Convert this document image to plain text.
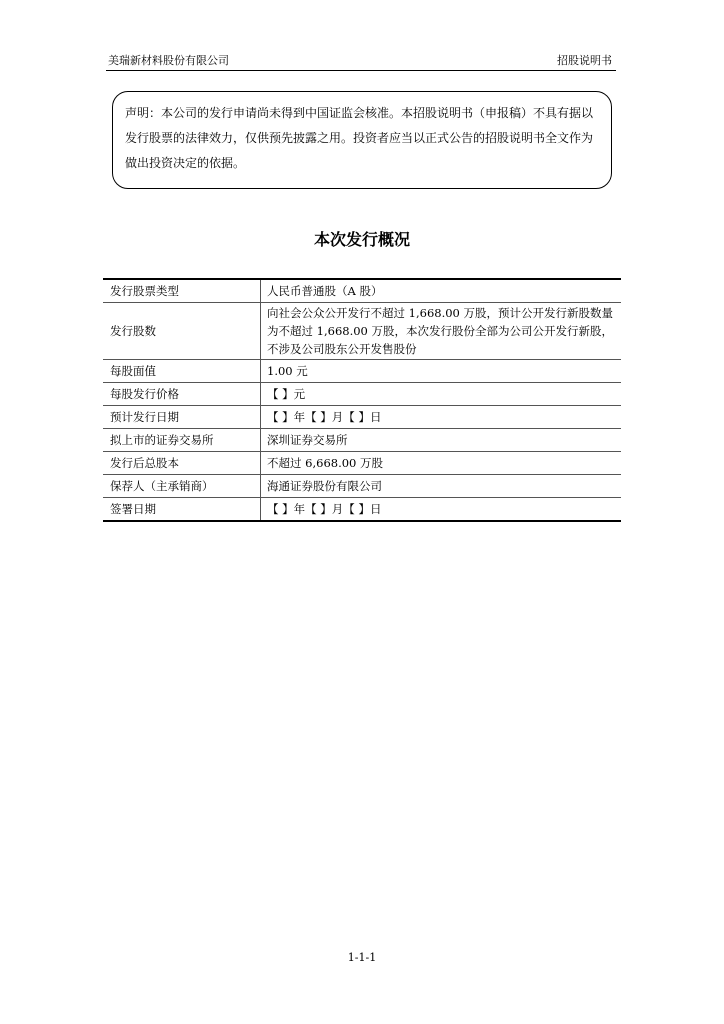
美瑞新材料股份有限公司	招股说明书
声明：本公司的发行申请尚未得到中国证监会核准。本招股说明书（申报稿）不具有据以发行股票的法律效力，仅供预先披露之用。投资者应当以正式公告的招股说明书全文作为做出投资决定的依据。
本次发行概况
发行股票类型	人民币普通股（A 股）
发行股数	向社会公众公开发行不超过 1,668.00 万股，预计公开发行新股数量为不超过 1,668.00 万股，本次发行股份全部为公司公开发行新股，不涉及公司股东公开发售股份
每股面值	1.00 元
每股发行价格	【 】元
预计发行日期	【 】年【 】月【 】日
拟上市的证券交易所	深圳证券交易所
发行后总股本	不超过 6,668.00 万股
保荐人（主承销商）	海通证券股份有限公司
签署日期	【 】年【 】月【 】日
1-1-1
